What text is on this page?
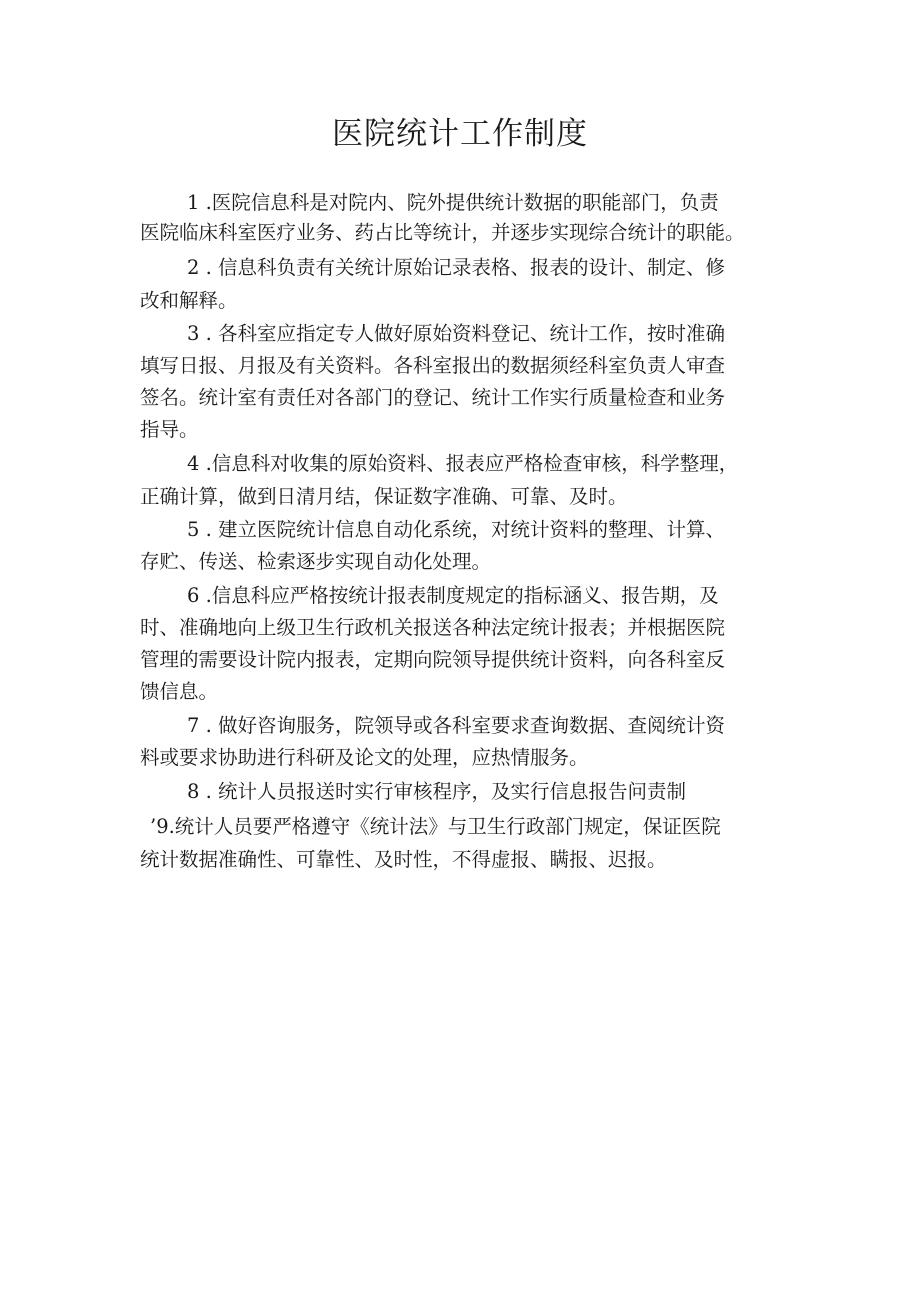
医院统计工作制度

1 .医院信息科是对院内、院外提供统计数据的职能部门，负责

医院临床科室医疗业务、药占比等统计，并逐步实现综合统计的职能。

2 . 信息科负责有关统计原始记录表格、报表的设计、制定、修

改和解释。

3 . 各科室应指定专人做好原始资料登记、统计工作，按时准确

填写日报、月报及有关资料。各科室报出的数据须经科室负责人审查

签名。统计室有责任对各部门的登记、统计工作实行质量检查和业务

指导。

4 .信息科对收集的原始资料、报表应严格检查审核，科学整理，

正确计算，做到日清月结，保证数字准确、可靠、及时。

5 . 建立医院统计信息自动化系统，对统计资料的整理、计算、

存贮、传送、检索逐步实现自动化处理。

6 .信息科应严格按统计报表制度规定的指标涵义、报告期，及

时、准确地向上级卫生行政机关报送各种法定统计报表；并根据医院

管理的需要设计院内报表，定期向院领导提供统计资料，向各科室反

馈信息。

7 . 做好咨询服务，院领导或各科室要求查询数据、查阅统计资

料或要求协助进行科研及论文的处理，应热情服务。

8 . 统计人员报送时实行审核程序，及实行信息报告问责制

’9.统计人员要严格遵守《统计法》与卫生行政部门规定，保证医院

统计数据准确性、可靠性、及时性，不得虚报、瞒报、迟报。
